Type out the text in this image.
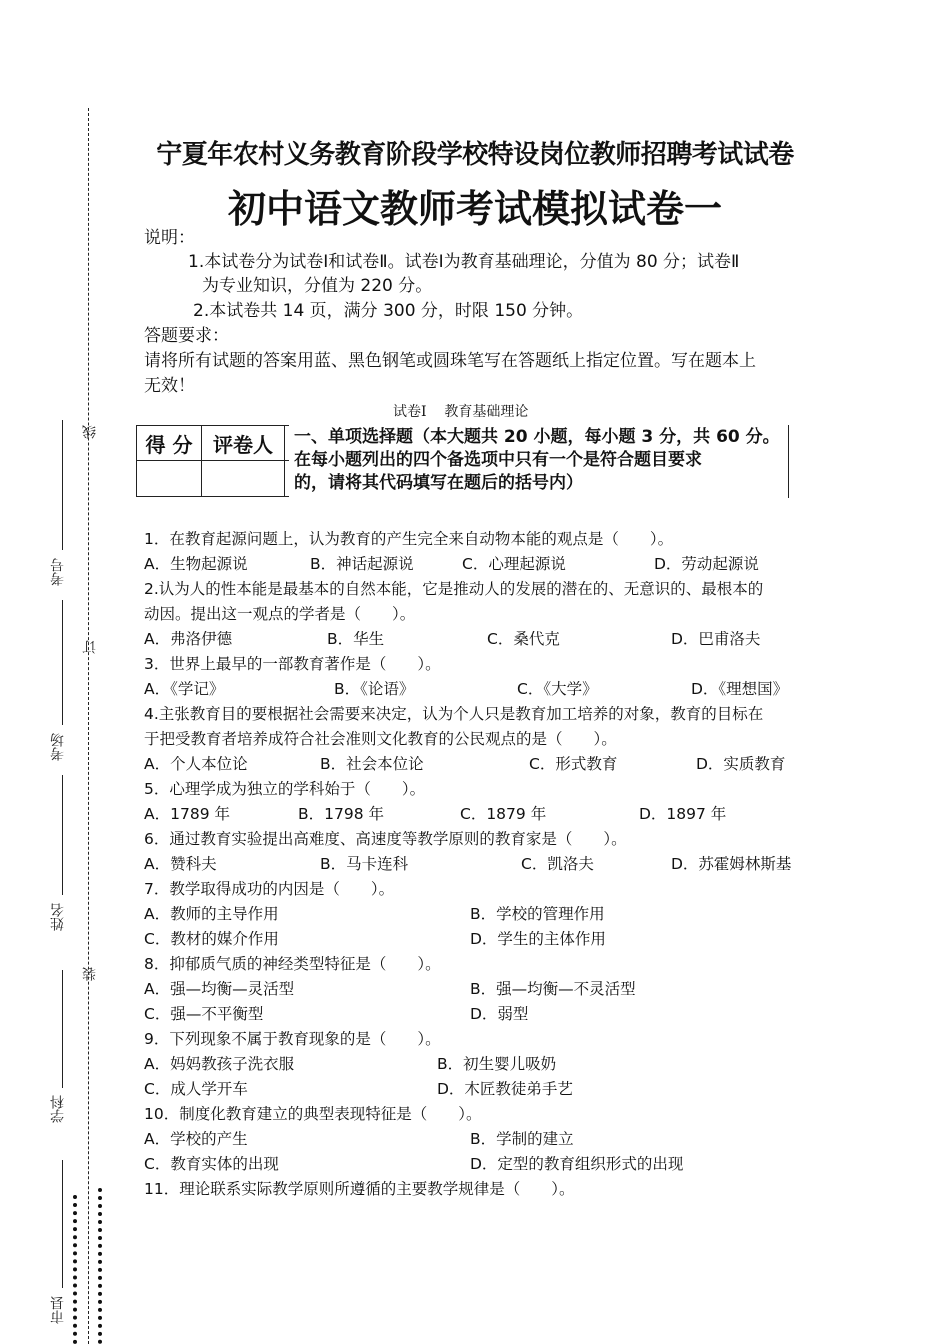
线
订
装
考号
考场
姓名
学科
市县
宁夏年农村义务教育阶段学校特设岗位教师招聘考试试卷
初中语文教师考试模拟试卷一
说明：
1.本试卷分为试卷Ⅰ和试卷Ⅱ。试卷Ⅰ为教育基础理论，分值为 80 分；试卷Ⅱ
为专业知识，分值为 220 分。
2.本试卷共 14 页，满分 300 分，时限 150 分钟。
答题要求：
请将所有试题的答案用蓝、黑色钢笔或圆珠笔写在答题纸上指定位置。写在题本上
无效！
试卷Ⅰ    教育基础理论
得 分	评卷人	
		一、单项选择题（本大题共 20 小题，每小题 3 分，共 60 分。
在每小题列出的四个备选项中只有一个是符合题目要求
的，请将其代码填写在题后的括号内）
1．在教育起源问题上，认为教育的产生完全来自动物本能的观点是（　　）。
A．生物起源说	B．神话起源说	C．心理起源说	D．劳动起源说
2.认为人的性本能是最基本的自然本能，它是推动人的发展的潜在的、无意识的、最根本的
动因。提出这一观点的学者是（　　）。
A．弗洛伊德	B．华生	C．桑代克	D．巴甫洛夫
3．世界上最早的一部教育著作是（　　）。
A．《学记》	B．《论语》	C．《大学》	D．《理想国》
4.主张教育目的要根据社会需要来决定，认为个人只是教育加工培养的对象，教育的目标在
于把受教育者培养成符合社会准则文化教育的公民观点的是（　　）。
A．个人本位论	B．社会本位论	C．形式教育	D．实质教育
5．心理学成为独立的学科始于（　　）。
A．1789 年	B．1798 年	C．1879 年	D．1897 年
6．通过教育实验提出高难度、高速度等教学原则的教育家是（　　）。
A．赞科夫	B．马卡连科	C．凯洛夫	D．苏霍姆林斯基
7．教学取得成功的内因是（　　）。
A．教师的主导作用	B．学校的管理作用
C．教材的媒介作用	D．学生的主体作用
8．抑郁质气质的神经类型特征是（　　）。
A．强—均衡—灵活型	B．强—均衡—不灵活型
C．强—不平衡型	D．弱型
9．下列现象不属于教育现象的是（　　）。
A．妈妈教孩子洗衣服	B．初生婴儿吸奶
C．成人学开车	D．木匠教徒弟手艺
10．制度化教育建立的典型表现特征是（　　）。
A．学校的产生	B．学制的建立
C．教育实体的出现	D．定型的教育组织形式的出现
11．理论联系实际教学原则所遵循的主要教学规律是（　　）。
